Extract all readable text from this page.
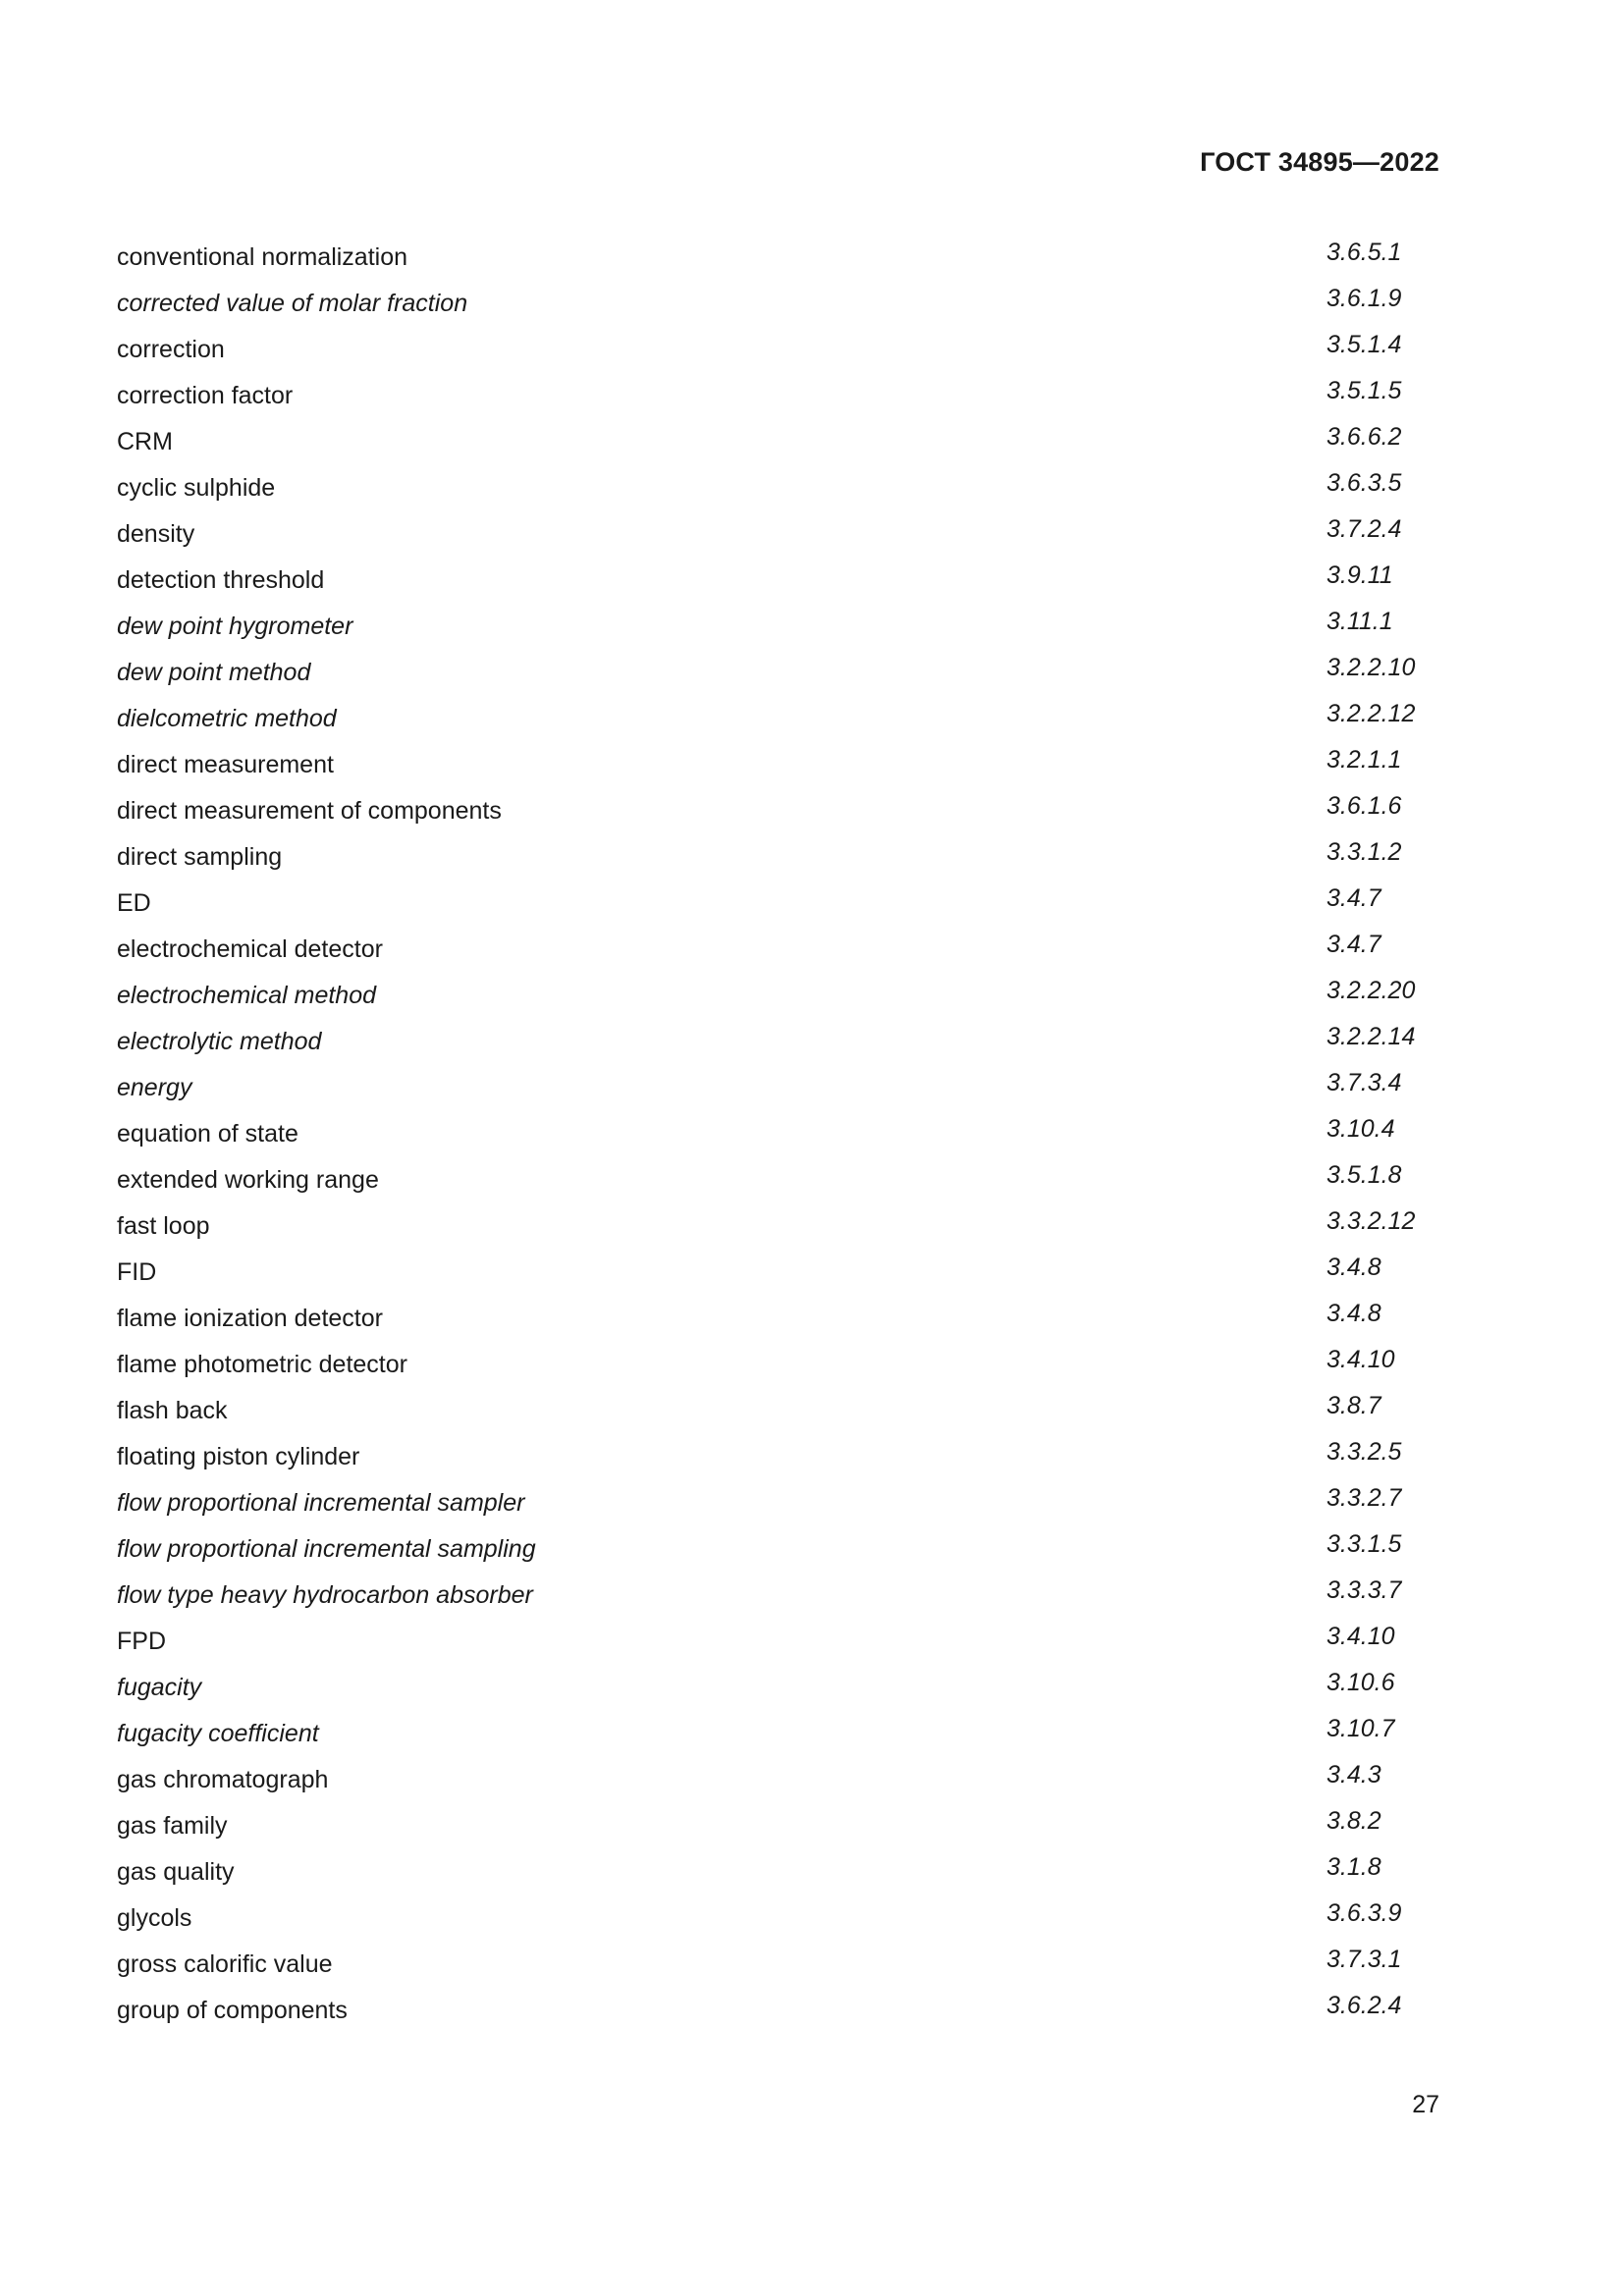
ГОСТ 34895—2022
conventional normalization	3.6.5.1
corrected value of molar fraction	3.6.1.9
correction	3.5.1.4
correction factor	3.5.1.5
CRM	3.6.6.2
cyclic sulphide	3.6.3.5
density	3.7.2.4
detection threshold	3.9.11
dew point hygrometer	3.11.1
dew point method	3.2.2.10
dielcometric method	3.2.2.12
direct measurement	3.2.1.1
direct measurement of components	3.6.1.6
direct sampling	3.3.1.2
ED	3.4.7
electrochemical detector	3.4.7
electrochemical method	3.2.2.20
electrolytic method	3.2.2.14
energy	3.7.3.4
equation of state	3.10.4
extended working range	3.5.1.8
fast loop	3.3.2.12
FID	3.4.8
flame ionization detector	3.4.8
flame photometric detector	3.4.10
flash back	3.8.7
floating piston cylinder	3.3.2.5
flow proportional incremental sampler	3.3.2.7
flow proportional incremental sampling	3.3.1.5
flow type heavy hydrocarbon absorber	3.3.3.7
FPD	3.4.10
fugacity	3.10.6
fugacity coefficient	3.10.7
gas chromatograph	3.4.3
gas family	3.8.2
gas quality	3.1.8
glycols	3.6.3.9
gross calorific value	3.7.3.1
group of components	3.6.2.4
27
